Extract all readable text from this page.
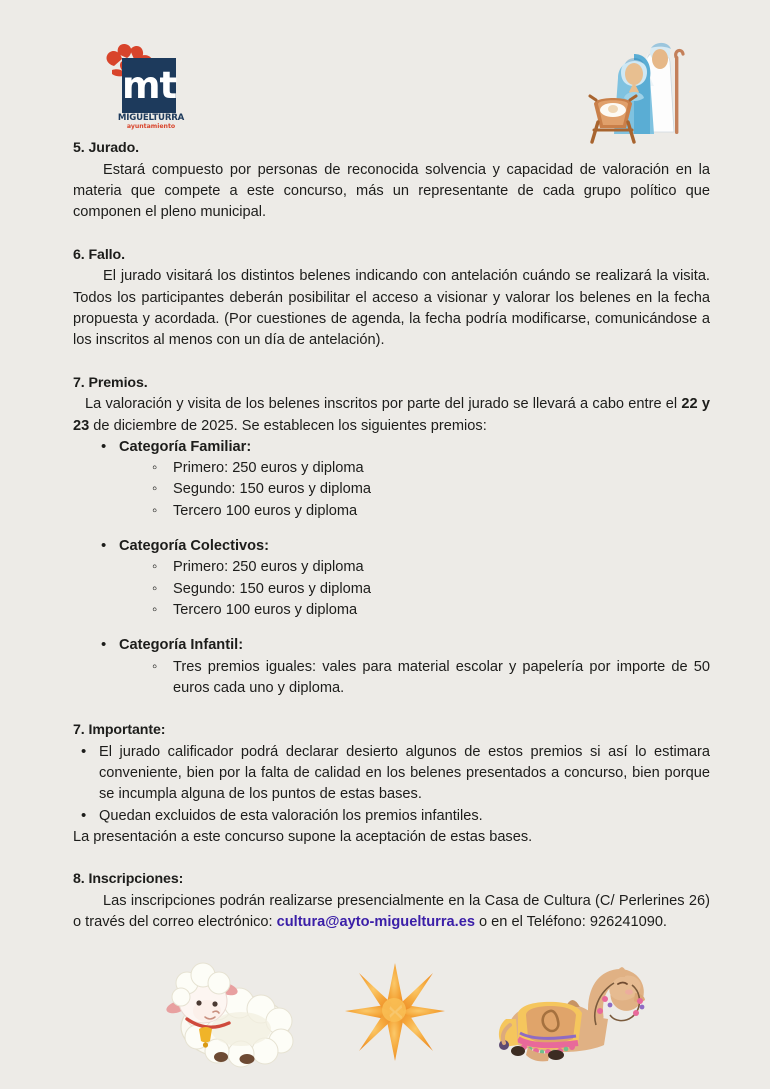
mt
MIGUELTURRA
ayuntamiento
5. Jurado.

Estará compuesto por personas de reconocida solvencia y capacidad de valoración en la materia que compete a este concurso, más un representante de cada grupo político que componen el pleno municipal.

6. Fallo.

El jurado visitará los distintos belenes indicando con antelación cuándo se realizará la visita. Todos los participantes deberán posibilitar el acceso a visionar y valorar los belenes en la fecha propuesta y acordada. (Por cuestiones de agenda, la fecha podría modificarse, comunicándose a los inscritos al menos con un día de antelación).

7. Premios.

La valoración y visita de los belenes inscritos por parte del jurado se llevará a cabo entre el 22 y 23 de diciembre de 2025. Se establecen los siguientes premios:

• Categoría Familiar:
◦ Primero: 250 euros y diploma
◦ Segundo: 150 euros y diploma
◦ Tercero 100 euros y diploma
• Categoría Colectivos:
◦ Primero: 250 euros y diploma
◦ Segundo: 150 euros y diploma
◦ Tercero 100 euros y diploma
• Categoría Infantil:
◦ Tres premios iguales: vales para material escolar y papelería por importe de 50 euros cada uno y diploma.
7. Importante:
• El jurado calificador podrá declarar desierto algunos de estos premios si así lo estimara conveniente, bien por la falta de calidad en los belenes presentados a concurso, bien porque se incumpla alguna de los puntos de estas bases.
• Quedan excluidos de esta valoración los premios infantiles.

La presentación a este concurso supone la aceptación de estas bases.

8. Inscripciones:

Las inscripciones podrán realizarse presencialmente en la Casa de Cultura (C/ Perlerines 26) o través del correo electrónico: cultura@ayto-miguelturra.es o en el Teléfono: 926241090.
